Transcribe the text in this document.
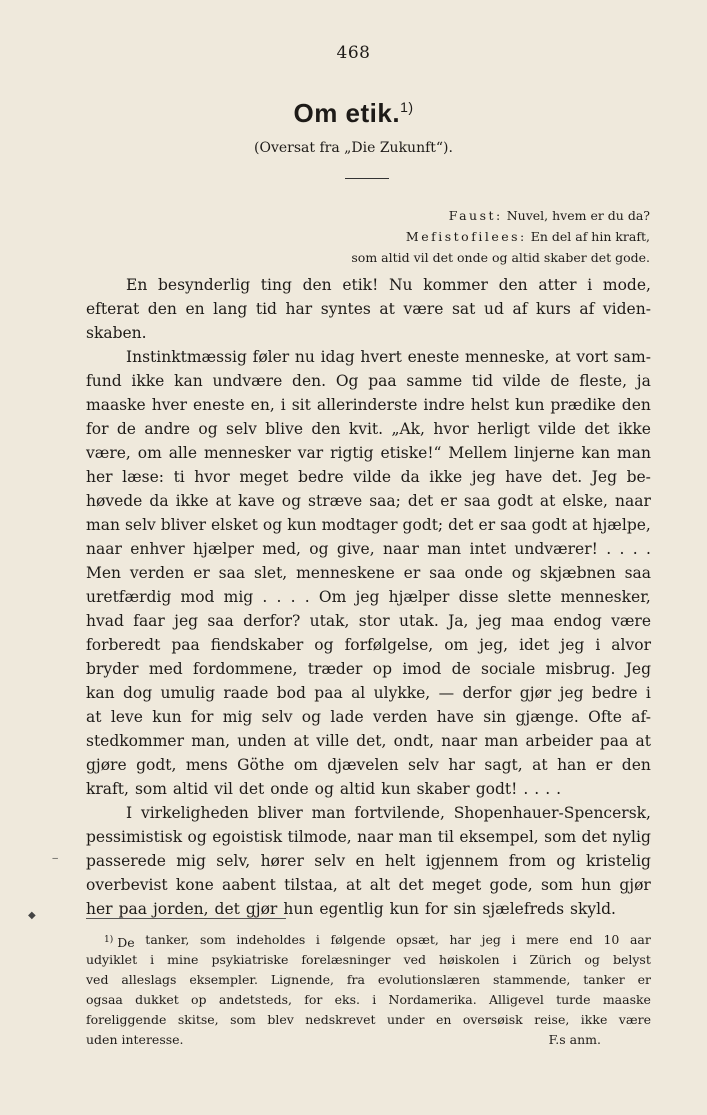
468
Om etik.$^{1)}$
(Oversat fra „Die Zukunft“).
Faust: Nuvel, hvem er du da?
Mefistofilees: En del af hin kraft,
som altid vil det onde og altid skaber det gode.
En besynderlig ting den etik! Nu kommer den atter i mode,
efterat den en lang tid har syntes at være sat ud af kurs af viden-
skaben.
Instinktmæssig føler nu idag hvert eneste menneske, at vort sam-
fund ikke kan undvære den. Og paa samme tid vilde de fleste, ja
maaske hver eneste en, i sit allerinderste indre helst kun prædike den
for de andre og selv blive den kvit. „Ak, hvor herligt vilde det ikke
være, om alle mennesker var rigtig etiske!“ Mellem linjerne kan man
her læse: ti hvor meget bedre vilde da ikke jeg have det. Jeg be-
høvede da ikke at kave og stræve saa; det er saa godt at elske, naar
man selv bliver elsket og kun modtager godt; det er saa godt at hjælpe,
naar enhver hjælper med, og give, naar man intet undværer! . . . .
Men verden er saa slet, menneskene er saa onde og skjæbnen saa
uretfærdig mod mig . . . . Om jeg hjælper disse slette mennesker,
hvad faar jeg saa derfor? utak, stor utak. Ja, jeg maa endog være
forberedt paa fiendskaber og forfølgelse, om jeg, idet jeg i alvor
bryder med fordommene, træder op imod de sociale misbrug. Jeg
kan dog umulig raade bod paa al ulykke, — derfor gjør jeg bedre i
at leve kun for mig selv og lade verden have sin gjænge. Ofte af-
stedkommer man, unden at ville det, ondt, naar man arbeider paa at
gjøre godt, mens Göthe om djævelen selv har sagt, at han er den
kraft, som altid vil det onde og altid kun skaber godt! . . . .
I virkeligheden bliver man fortvilende, Shopenhauer-Spencersk,
pessimistisk og egoistisk tilmode, naar man til eksempel, som det nylig
passerede mig selv, hører selv en helt igjennem from og kristelig
overbevist kone aabent tilstaa, at alt det meget gode, som hun gjør
her paa jorden, det gjør hun egentlig kun for sin sjælefreds skyld.
‒
◆
$^{1)}$ De tanker, som indeholdes i følgende opsæt, har jeg i mere end 10 aar
udyiklet i mine psykiatriske forelæsninger ved høiskolen i Zürich og belyst
ved alleslags eksempler. Lignende, fra evolutionslæren stammende, tanker er
ogsaa dukket op andetsteds, for eks. i Nordamerika. Alligevel turde maaske
foreliggende skitse, som blev nedskrevet under en oversøisk reise, ikke være
uden interesse.	F.s anm.
